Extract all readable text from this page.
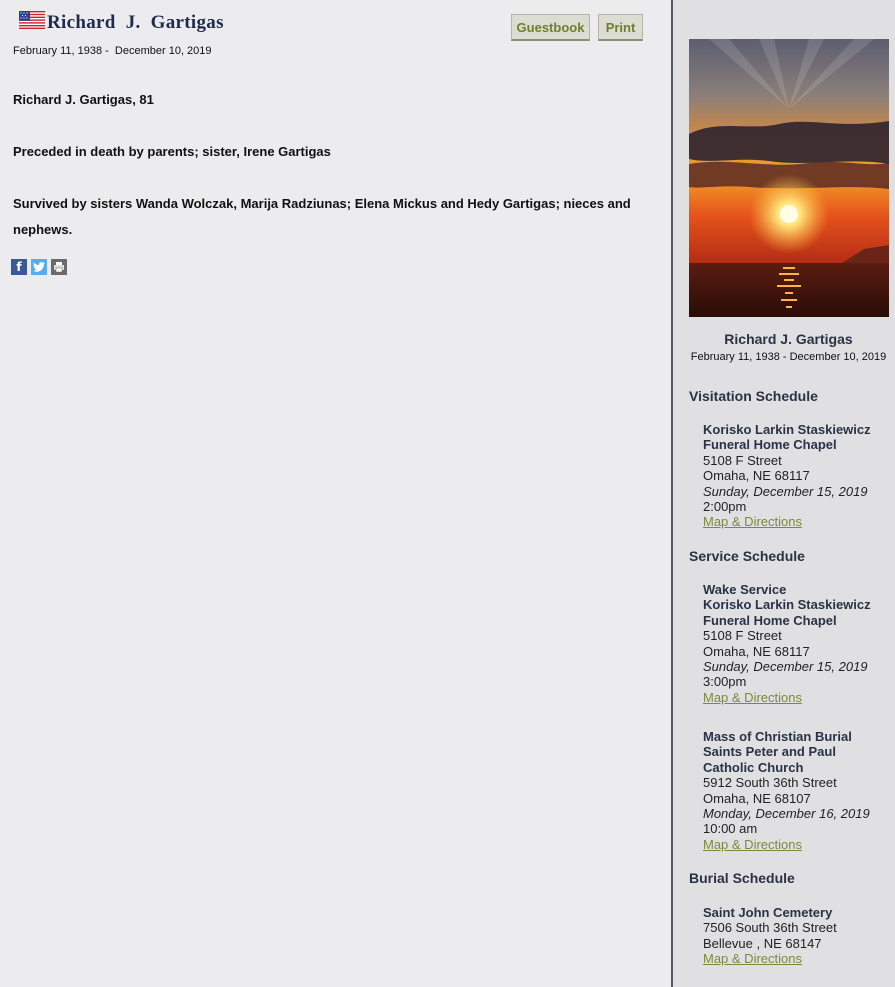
Richard  J.  Gartigas
February 11, 1938 -  December 10, 2019
Guestbook	Print
Richard J. Gartigas, 81
Preceded in death by parents; sister, Irene Gartigas
Survived by sisters Wanda Wolczak, Marija Radziunas; Elena Mickus and Hedy Gartigas; nieces and nephews.
f
Richard J. Gartigas
February 11, 1938 - December 10, 2019
Visitation Schedule
Korisko Larkin Staskiewicz
Funeral Home Chapel
5108 F Street
Omaha, NE 68117
Sunday, December 15, 2019
2:00pm
Map & Directions
Service Schedule
Wake Service
Korisko Larkin Staskiewicz
Funeral Home Chapel
5108 F Street
Omaha, NE 68117
Sunday, December 15, 2019
3:00pm
Map & Directions
Mass of Christian Burial
Saints Peter and Paul
Catholic Church
5912 South 36th Street
Omaha, NE 68107
Monday, December 16, 2019
10:00 am
Map & Directions
Burial Schedule
Saint John Cemetery
7506 South 36th Street
Bellevue , NE 68147
Map & Directions
